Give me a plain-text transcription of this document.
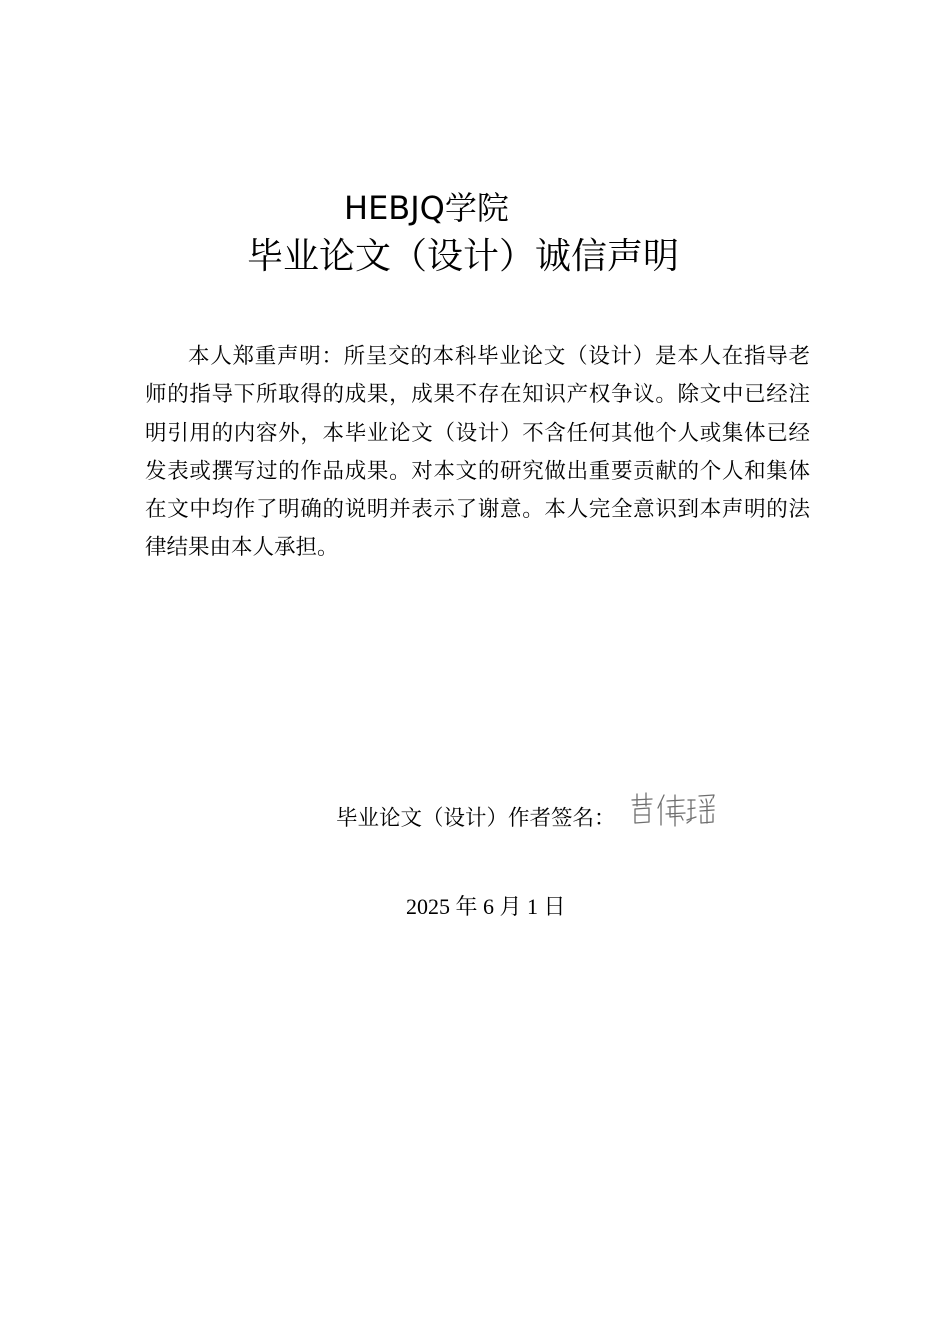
HEBJQ学院
毕业论文（设计）诚信声明

本人郑重声明：所呈交的本科毕业论文（设计）是本人在指导老师的指导下所取得的成果，成果不存在知识产权争议。除文中已经注明引用的内容外，本毕业论文（设计）不含任何其他个人或集体已经发表或撰写过的作品成果。对本文的研究做出重要贡献的个人和集体在文中均作了明确的说明并表示了谢意。本人完全意识到本声明的法律结果由本人承担。

毕业论文（设计）作者签名：
2025 年 6 月 1 日
